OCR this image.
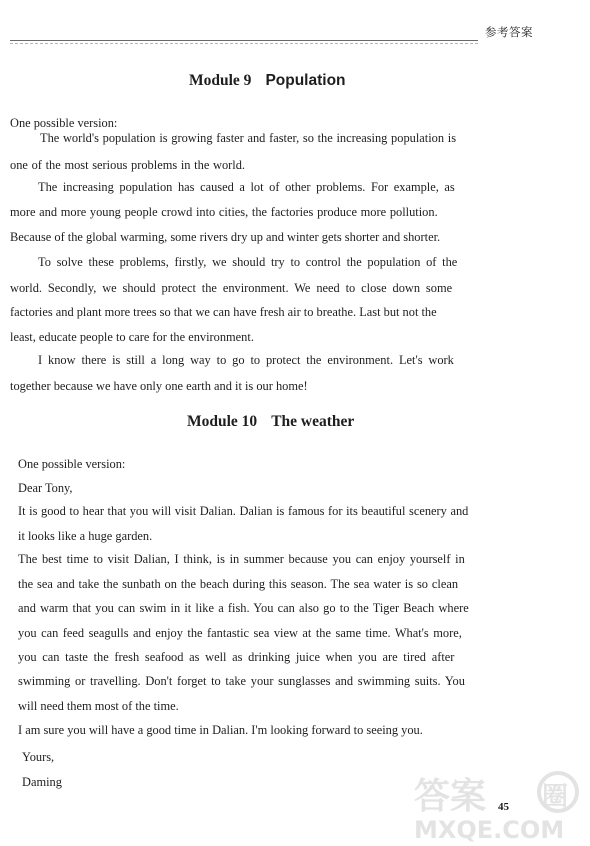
参考答案
Module 9 Population
One possible version:
The world's population is growing faster and faster, so the increasing population is
one of the most serious problems in the world.
The increasing population has caused a lot of other problems. For example, as
more and more young people crowd into cities, the factories produce more pollution.
Because of the global warming, some rivers dry up and winter gets shorter and shorter.
To solve these problems, firstly, we should try to control the population of the
world. Secondly, we should protect the environment. We need to close down some
factories and plant more trees so that we can have fresh air to breathe. Last but not the
least, educate people to care for the environment.
I know there is still a long way to go to protect the environment. Let's work
together because we have only one earth and it is our home!
Module 10 The weather
One possible version:
Dear Tony,
It is good to hear that you will visit Dalian. Dalian is famous for its beautiful scenery and
it looks like a huge garden.
The best time to visit Dalian, I think, is in summer because you can enjoy yourself in
the sea and take the sunbath on the beach during this season. The sea water is so clean
and warm that you can swim in it like a fish. You can also go to the Tiger Beach where
you can feed seagulls and enjoy the fantastic sea view at the same time. What's more,
you can taste the fresh seafood as well as drinking juice when you are tired after
swimming or travelling. Don't forget to take your sunglasses and swimming suits. You
will need them most of the time.
I am sure you will have a good time in Dalian. I'm looking forward to seeing you.
Yours,
Daming
45
答案 圈
MXQE.COM
